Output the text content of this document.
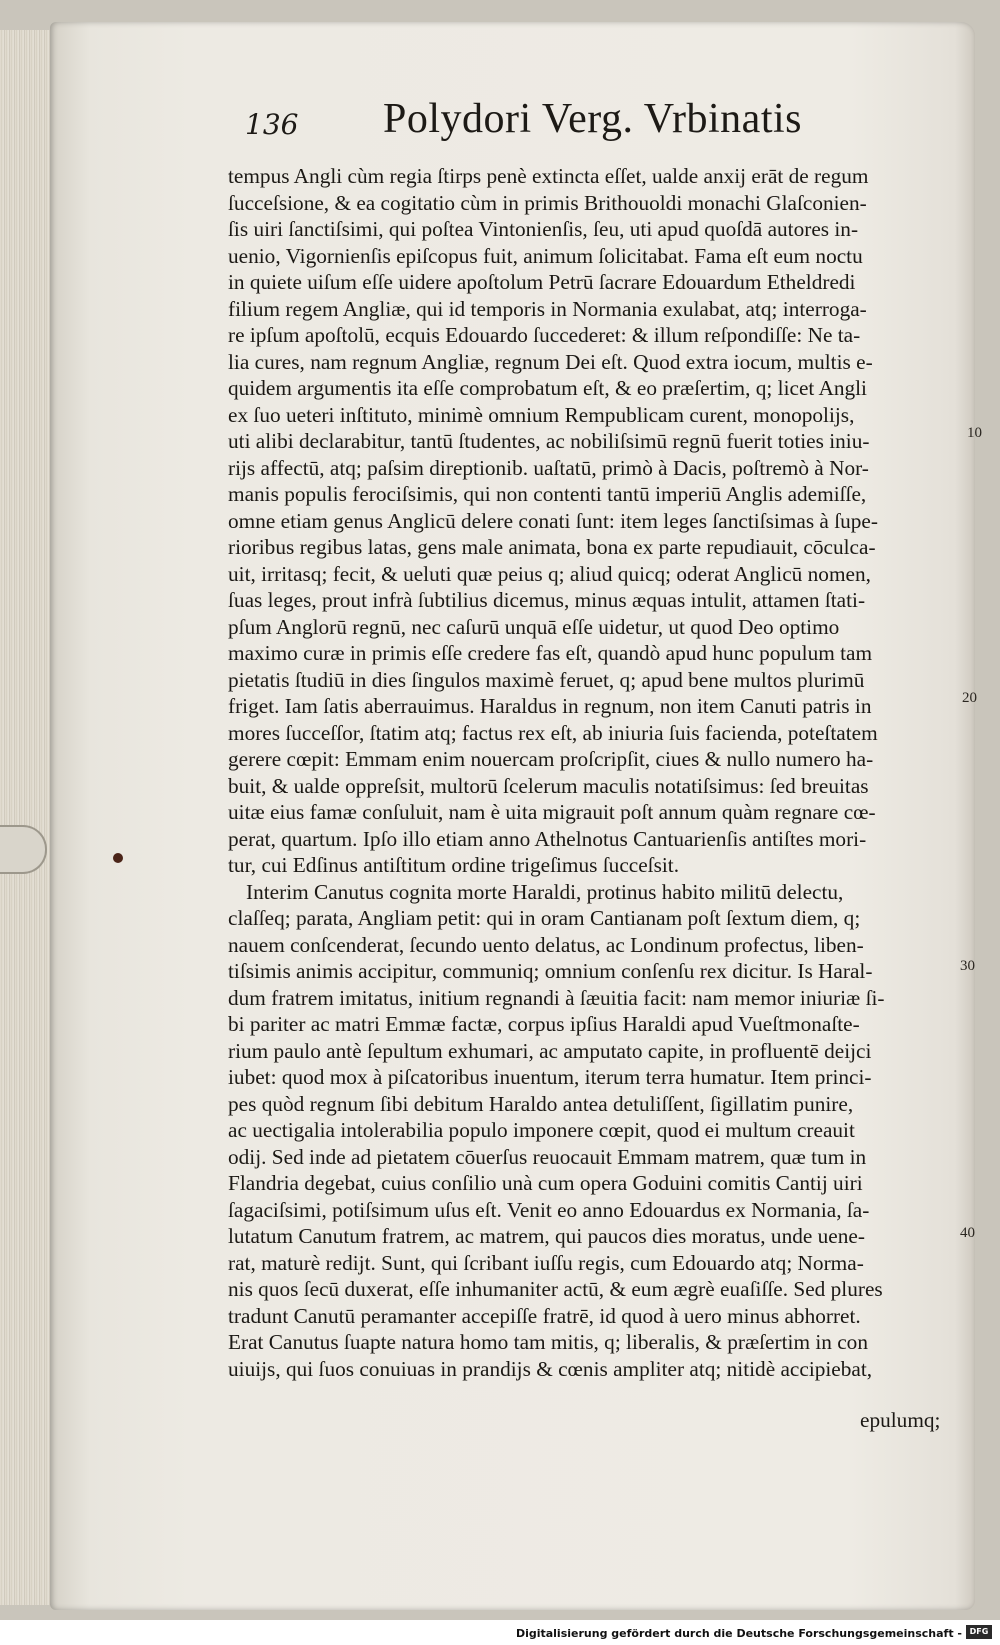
136 Polydori Verg. Vrbinatis
tempus Angli cùm regia ſtirps penè extincta eſſet, ualde anxij erāt de regum
ſucceſsione, & ea cogitatio cùm in primis Brithouoldi monachi Glaſconien-
ſis uiri ſanctiſsimi, qui poſtea Vintonienſis, ſeu, uti apud quoſdā autores in-
uenio, Vigornienſis epiſcopus fuit, animum ſolicitabat. Fama eſt eum noctu
in quiete uiſum eſſe uidere apoſtolum Petrū ſacrare Edouardum Etheldredi
filium regem Angliæ, qui id temporis in Normania exulabat, atq; interroga-
re ipſum apoſtolū, ecquis Edouardo ſuccederet: & illum reſpondiſſe: Ne ta-
lia cures, nam regnum Angliæ, regnum Dei eſt. Quod extra iocum, multis e-
quidem argumentis ita eſſe comprobatum eſt, & eo præſertim, q; licet Angli
ex ſuo ueteri inſtituto, minimè omnium Rempublicam curent, monopolijs,
uti alibi declarabitur, tantū ſtudentes, ac nobiliſsimū regnū fuerit toties iniu-
rijs affectū, atq; paſsim direptionib. uaſtatū, primò à Dacis, poſtremò à Nor-
manis populis ferociſsimis, qui non contenti tantū imperiū Anglis ademiſſe,
omne etiam genus Anglicū delere conati ſunt: item leges ſanctiſsimas à ſupe-
rioribus regibus latas, gens male animata, bona ex parte repudiauit, cōculca-
uit, irritasq; fecit, & ueluti quæ peius q; aliud quicq; oderat Anglicū nomen,
ſuas leges, prout infrà ſubtilius dicemus, minus æquas intulit, attamen ſtati-
pſum Anglorū regnū, nec caſurū unquā eſſe uidetur, ut quod Deo optimo
maximo curæ in primis eſſe credere fas eſt, quandò apud hunc populum tam
pietatis ſtudiū in dies ſingulos maximè feruet, q; apud bene multos plurimū
friget. Iam ſatis aberrauimus. Haraldus in regnum, non item Canuti patris in
mores ſucceſſor, ſtatim atq; factus rex eſt, ab iniuria ſuis facienda, poteſtatem
gerere cœpit: Emmam enim nouercam proſcripſit, ciues & nullo numero ha-
buit, & ualde oppreſsit, multorū ſcelerum maculis notatiſsimus: ſed breuitas
uitæ eius famæ conſuluit, nam è uita migrauit poſt annum quàm regnare cœ-
perat, quartum. Ipſo illo etiam anno Athelnotus Cantuarienſis antiſtes mori-
tur, cui Edſinus antiſtitum ordine trigeſimus ſucceſsit.
Interim Canutus cognita morte Haraldi, protinus habito militū delectu,
claſſeq; parata, Angliam petit: qui in oram Cantianam poſt ſextum diem, q;
nauem conſcenderat, ſecundo uento delatus, ac Londinum profectus, liben-
tiſsimis animis accipitur, communiq; omnium conſenſu rex dicitur. Is Haral-
dum fratrem imitatus, initium regnandi à ſæuitia facit: nam memor iniuriæ ſi-
bi pariter ac matri Emmæ factæ, corpus ipſius Haraldi apud Vueſtmonaſte-
rium paulo antè ſepultum exhumari, ac amputato capite, in profluentē deijci
iubet: quod mox à piſcatoribus inuentum, iterum terra humatur. Item princi-
pes quòd regnum ſibi debitum Haraldo antea detuliſſent, ſigillatim punire,
ac uectigalia intolerabilia populo imponere cœpit, quod ei multum creauit
odij. Sed inde ad pietatem cōuerſus reuocauit Emmam matrem, quæ tum in
Flandria degebat, cuius conſilio unà cum opera Goduini comitis Cantij uiri
ſagaciſsimi, potiſsimum uſus eſt. Venit eo anno Edouardus ex Normania, ſa-
lutatum Canutum fratrem, ac matrem, qui paucos dies moratus, unde uene-
rat, maturè redijt. Sunt, qui ſcribant iuſſu regis, cum Edouardo atq; Norma-
nis quos ſecū duxerat, eſſe inhumaniter actū, & eum ægrè euaſiſſe. Sed plures
tradunt Canutū peramanter accepiſſe fratrē, id quod à uero minus abhorret.
Erat Canutus ſuapte natura homo tam mitis, q; liberalis, & præſertim in con
uiuijs, qui ſuos conuiuas in prandijs & cœnis ampliter atq; nitidè accipiebat,
10
20
30
40
epulumq;
Digitalisierung gefördert durch die Deutsche Forschungsgemeinschaft - DFG
